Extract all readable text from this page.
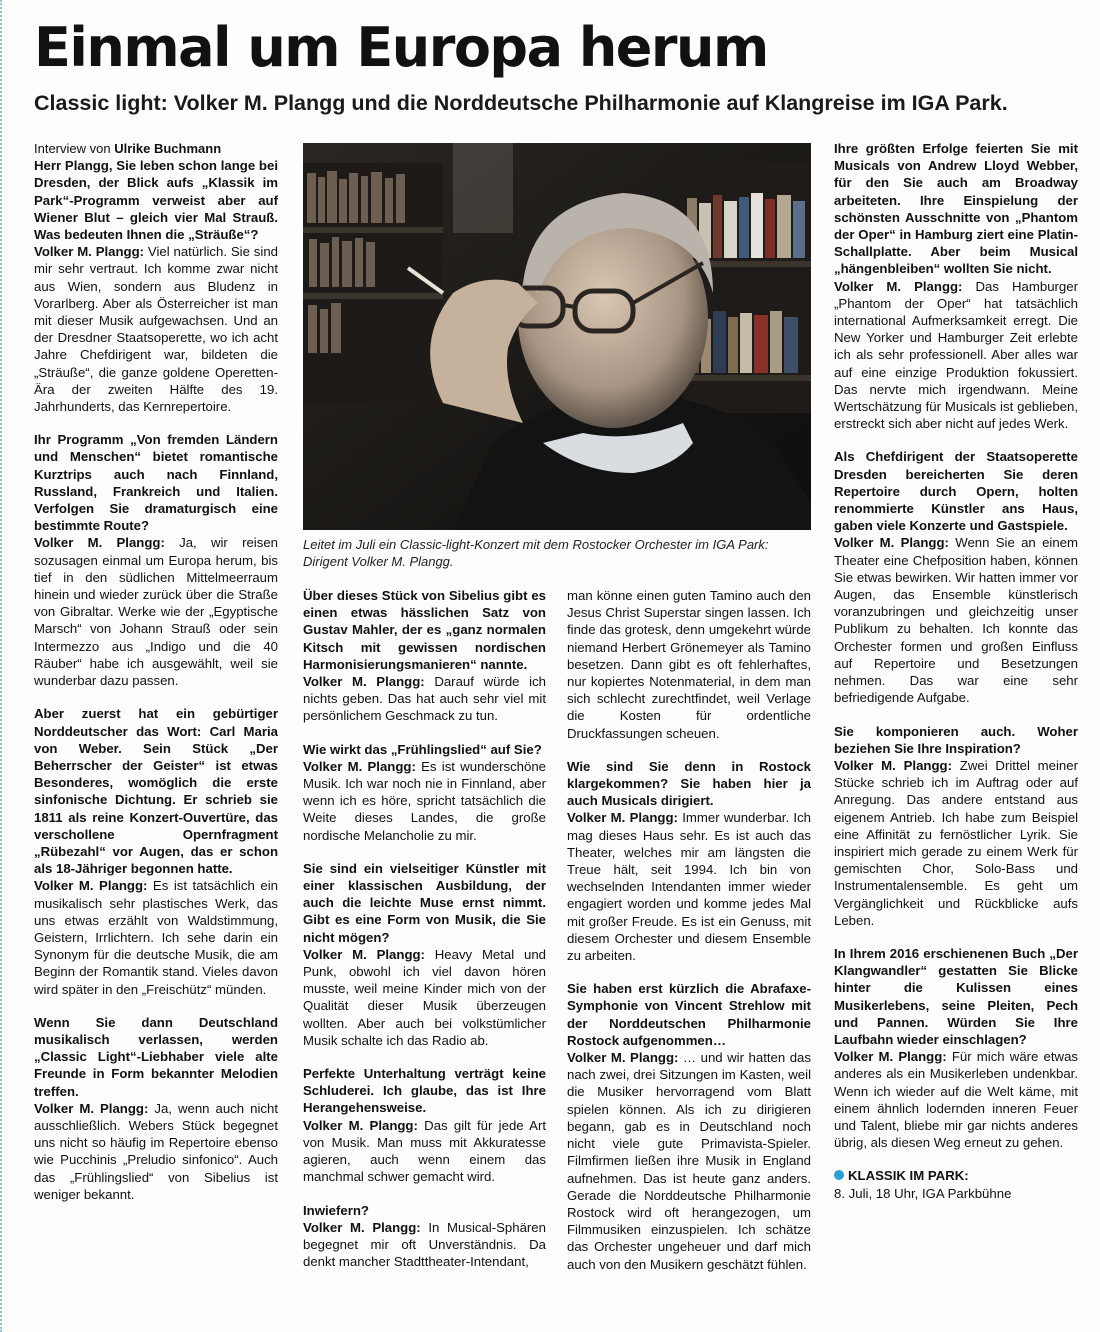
Einmal um Europa herum
Classic light: Volker M. Plangg und die Norddeutsche Philharmonie auf Klangreise im IGA Park.

Interview von Ulrike Buchmann

Herr Plangg, Sie leben schon lange bei Dresden, der Blick aufs „Klassik im Park“-Programm verweist aber auf Wiener Blut – gleich vier Mal Strauß. Was bedeuten Ihnen die „Sträuße“?

Volker M. Plangg: Viel natürlich. Sie sind mir sehr vertraut. Ich komme zwar nicht aus Wien, sondern aus Bludenz in Vorarlberg. Aber als Österreicher ist man mit dieser Musik aufgewachsen. Und an der Dresdner Staatsoperette, wo ich acht Jahre Chefdirigent war, bildeten die „Sträuße“, die ganze goldene Operetten-Ära der zweiten Hälfte des 19. Jahrhunderts, das Kernrepertoire.

Ihr Programm „Von fremden Ländern und Menschen“ bietet romantische Kurztrips auch nach Finnland, Russland, Frankreich und Italien. Verfolgen Sie dramaturgisch eine bestimmte Route?

Volker M. Plangg: Ja, wir reisen sozusagen einmal um Europa herum, bis tief in den südlichen Mittelmeerraum hinein und wieder zurück über die Straße von Gibraltar. Werke wie der „Egyptische Marsch“ von Johann Strauß oder sein Intermezzo aus „Indigo und die 40 Räuber“ habe ich ausgewählt, weil sie wunderbar dazu passen.

Aber zuerst hat ein gebürtiger Norddeutscher das Wort: Carl Maria von Weber. Sein Stück „Der Beherrscher der Geister“ ist etwas Besonderes, womöglich die erste sinfonische Dichtung. Er schrieb sie 1811 als reine Konzert-Ouvertüre, das verschollene Opernfragment „Rübezahl“ vor Augen, das er schon als 18-Jähriger begonnen hatte.

Volker M. Plangg: Es ist tatsächlich ein musikalisch sehr plastisches Werk, das uns etwas erzählt von Waldstimmung, Geistern, Irrlichtern. Ich sehe darin ein Synonym für die deutsche Musik, die am Beginn der Romantik stand. Vieles davon wird später in den „Freischütz“ münden.

Wenn Sie dann Deutschland musikalisch verlassen, werden „Classic Light“-Liebhaber viele alte Freunde in Form bekannter Melodien treffen.

Volker M. Plangg: Ja, wenn auch nicht ausschließlich. Webers Stück begegnet uns nicht so häufig im Repertoire ebenso wie Pucchinis „Preludio sinfonico“. Auch das „Frühlingslied“ von Sibelius ist weniger bekannt.

Leitet im Juli ein Classic-light-Konzert mit dem Rostocker Orchester im IGA Park: Dirigent Volker M. Plangg.

Über dieses Stück von Sibelius gibt es einen etwas hässlichen Satz von Gustav Mahler, der es „ganz normalen Kitsch mit gewissen nordischen Harmonisierungsmanieren“ nannte.

Volker M. Plangg: Darauf würde ich nichts geben. Das hat auch sehr viel mit persönlichem Geschmack zu tun.

Wie wirkt das „Frühlingslied“ auf Sie?

Volker M. Plangg: Es ist wunderschöne Musik. Ich war noch nie in Finnland, aber wenn ich es höre, spricht tatsächlich die Weite dieses Landes, die große nordische Melancholie zu mir.

Sie sind ein vielseitiger Künstler mit einer klassischen Ausbildung, der auch die leichte Muse ernst nimmt. Gibt es eine Form von Musik, die Sie nicht mögen?

Volker M. Plangg: Heavy Metal und Punk, obwohl ich viel davon hören musste, weil meine Kinder mich von der Qualität dieser Musik überzeugen wollten. Aber auch bei volkstümlicher Musik schalte ich das Radio ab.

Perfekte Unterhaltung verträgt keine Schluderei. Ich glaube, das ist Ihre Herangehensweise.

Volker M. Plangg: Das gilt für jede Art von Musik. Man muss mit Akkuratesse agieren, auch wenn einem das manchmal schwer gemacht wird.

Inwiefern?

Volker M. Plangg: In Musical-Sphären begegnet mir oft Unverständnis. Da denkt mancher Stadttheater-Intendant,

man könne einen guten Tamino auch den Jesus Christ Superstar singen lassen. Ich finde das grotesk, denn umgekehrt würde niemand Herbert Grönemeyer als Tamino besetzen. Dann gibt es oft fehlerhaftes, nur kopiertes Notenmaterial, in dem man sich schlecht zurechtfindet, weil Verlage die Kosten für ordentliche Druckfassungen scheuen.

Wie sind Sie denn in Rostock klargekommen? Sie haben hier ja auch Musicals dirigiert.

Volker M. Plangg: Immer wunderbar. Ich mag dieses Haus sehr. Es ist auch das Theater, welches mir am längsten die Treue hält, seit 1994. Ich bin von wechselnden Intendanten immer wieder engagiert worden und komme jedes Mal mit großer Freude. Es ist ein Genuss, mit diesem Orchester und diesem Ensemble zu arbeiten.

Sie haben erst kürzlich die Abrafaxe-Symphonie von Vincent Strehlow mit der Norddeutschen Philharmonie Rostock aufgenommen…

Volker M. Plangg: … und wir hatten das nach zwei, drei Sitzungen im Kasten, weil die Musiker hervorragend vom Blatt spielen können. Als ich zu dirigieren begann, gab es in Deutschland noch nicht viele gute Primavista-Spieler. Filmfirmen ließen ihre Musik in England aufnehmen. Das ist heute ganz anders. Gerade die Norddeutsche Philharmonie Rostock wird oft herangezogen, um Filmmusiken einzuspielen. Ich schätze das Orchester ungeheuer und darf mich auch von den Musikern geschätzt fühlen.

Ihre größten Erfolge feierten Sie mit Musicals von Andrew Lloyd Webber, für den Sie auch am Broadway arbeiteten. Ihre Einspielung der schönsten Ausschnitte von „Phantom der Oper“ in Hamburg ziert eine Platin-Schallplatte. Aber beim Musical „hängenbleiben“ wollten Sie nicht.

Volker M. Plangg: Das Hamburger „Phantom der Oper“ hat tatsächlich international Aufmerksamkeit erregt. Die New Yorker und Hamburger Zeit erlebte ich als sehr professionell. Aber alles war auf eine einzige Produktion fokussiert. Das nervte mich irgendwann. Meine Wertschätzung für Musicals ist geblieben, erstreckt sich aber nicht auf jedes Werk.

Als Chefdirigent der Staatsoperette Dresden bereicherten Sie deren Repertoire durch Opern, holten renommierte Künstler ans Haus, gaben viele Konzerte und Gastspiele.

Volker M. Plangg: Wenn Sie an einem Theater eine Chefposition haben, können Sie etwas bewirken. Wir hatten immer vor Augen, das Ensemble künstlerisch voranzubringen und gleichzeitig unser Publikum zu behalten. Ich konnte das Orchester formen und großen Einfluss auf Repertoire und Besetzungen nehmen. Das war eine sehr befriedigende Aufgabe.

Sie komponieren auch. Woher beziehen Sie Ihre Inspiration?

Volker M. Plangg: Zwei Drittel meiner Stücke schrieb ich im Auftrag oder auf Anregung. Das andere entstand aus eigenem Antrieb. Ich habe zum Beispiel eine Affinität zu fernöstlicher Lyrik. Sie inspiriert mich gerade zu einem Werk für gemischten Chor, Solo-Bass und Instrumentalensemble. Es geht um Vergänglichkeit und Rückblicke aufs Leben.

In Ihrem 2016 erschienenen Buch „Der Klangwandler“ gestatten Sie Blicke hinter die Kulissen eines Musikerlebens, seine Pleiten, Pech und Pannen. Würden Sie Ihre Laufbahn wieder einschlagen?

Volker M. Plangg: Für mich wäre etwas anderes als ein Musikerleben undenkbar. Wenn ich wieder auf die Welt käme, mit einem ähnlich lodernden inneren Feuer und Talent, bliebe mir gar nichts anderes übrig, als diesen Weg erneut zu gehen.

KLASSIK IM PARK:

8. Juli, 18 Uhr, IGA Parkbühne
